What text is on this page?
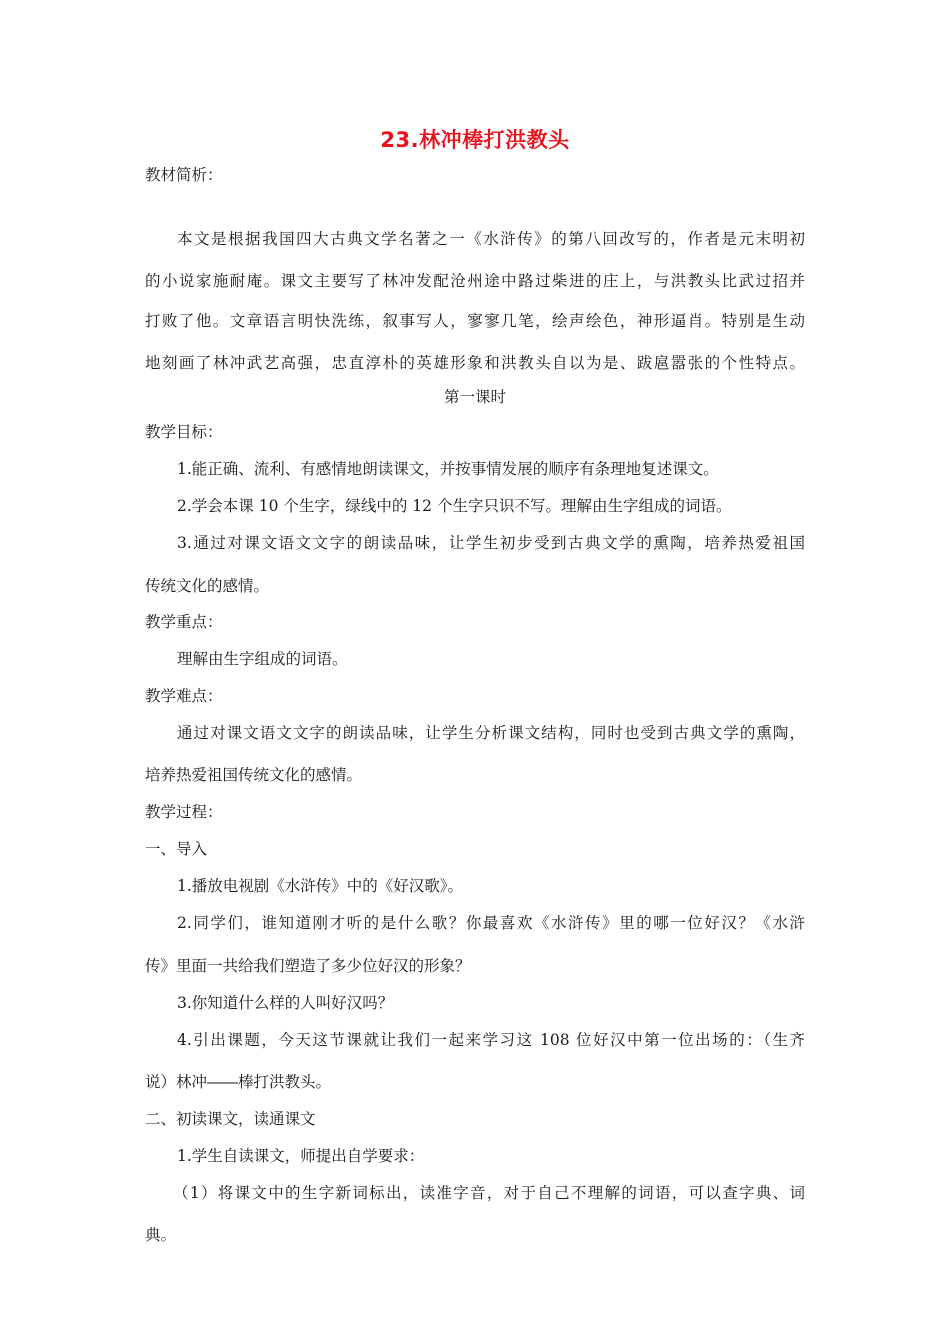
23.林冲棒打洪教头
教材简析：
本文是根据我国四大古典文学名著之一《水浒传》的第八回改写的，作者是元末明初
的小说家施耐庵。课文主要写了林冲发配沧州途中路过柴进的庄上，与洪教头比武过招并
打败了他。文章语言明快洗练，叙事写人，寥寥几笔，绘声绘色，神形逼肖。特别是生动
地刻画了林冲武艺高强，忠直淳朴的英雄形象和洪教头自以为是、跋扈嚣张的个性特点。
第一课时
教学目标：
1.能正确、流利、有感情地朗读课文，并按事情发展的顺序有条理地复述课文。
2.学会本课 10 个生字，绿线中的 12 个生字只识不写。理解由生字组成的词语。
3.通过对课文语文文字的朗读品味，让学生初步受到古典文学的熏陶，培养热爱祖国
传统文化的感情。
教学重点：
理解由生字组成的词语。
教学难点：
通过对课文语文文字的朗读品味，让学生分析课文结构，同时也受到古典文学的熏陶，
培养热爱祖国传统文化的感情。
教学过程：
一、导入
1.播放电视剧《水浒传》中的《好汉歌》。
2.同学们，谁知道刚才听的是什么歌？你最喜欢《水浒传》里的哪一位好汉？《水浒
传》里面一共给我们塑造了多少位好汉的形象？
3.你知道什么样的人叫好汉吗？
4.引出课题，今天这节课就让我们一起来学习这 108 位好汉中第一位出场的：（生齐
说）林冲――棒打洪教头。
二、初读课文，读通课文
1.学生自读课文，师提出自学要求：
（1）将课文中的生字新词标出，读准字音，对于自己不理解的词语，可以查字典、词
典。
